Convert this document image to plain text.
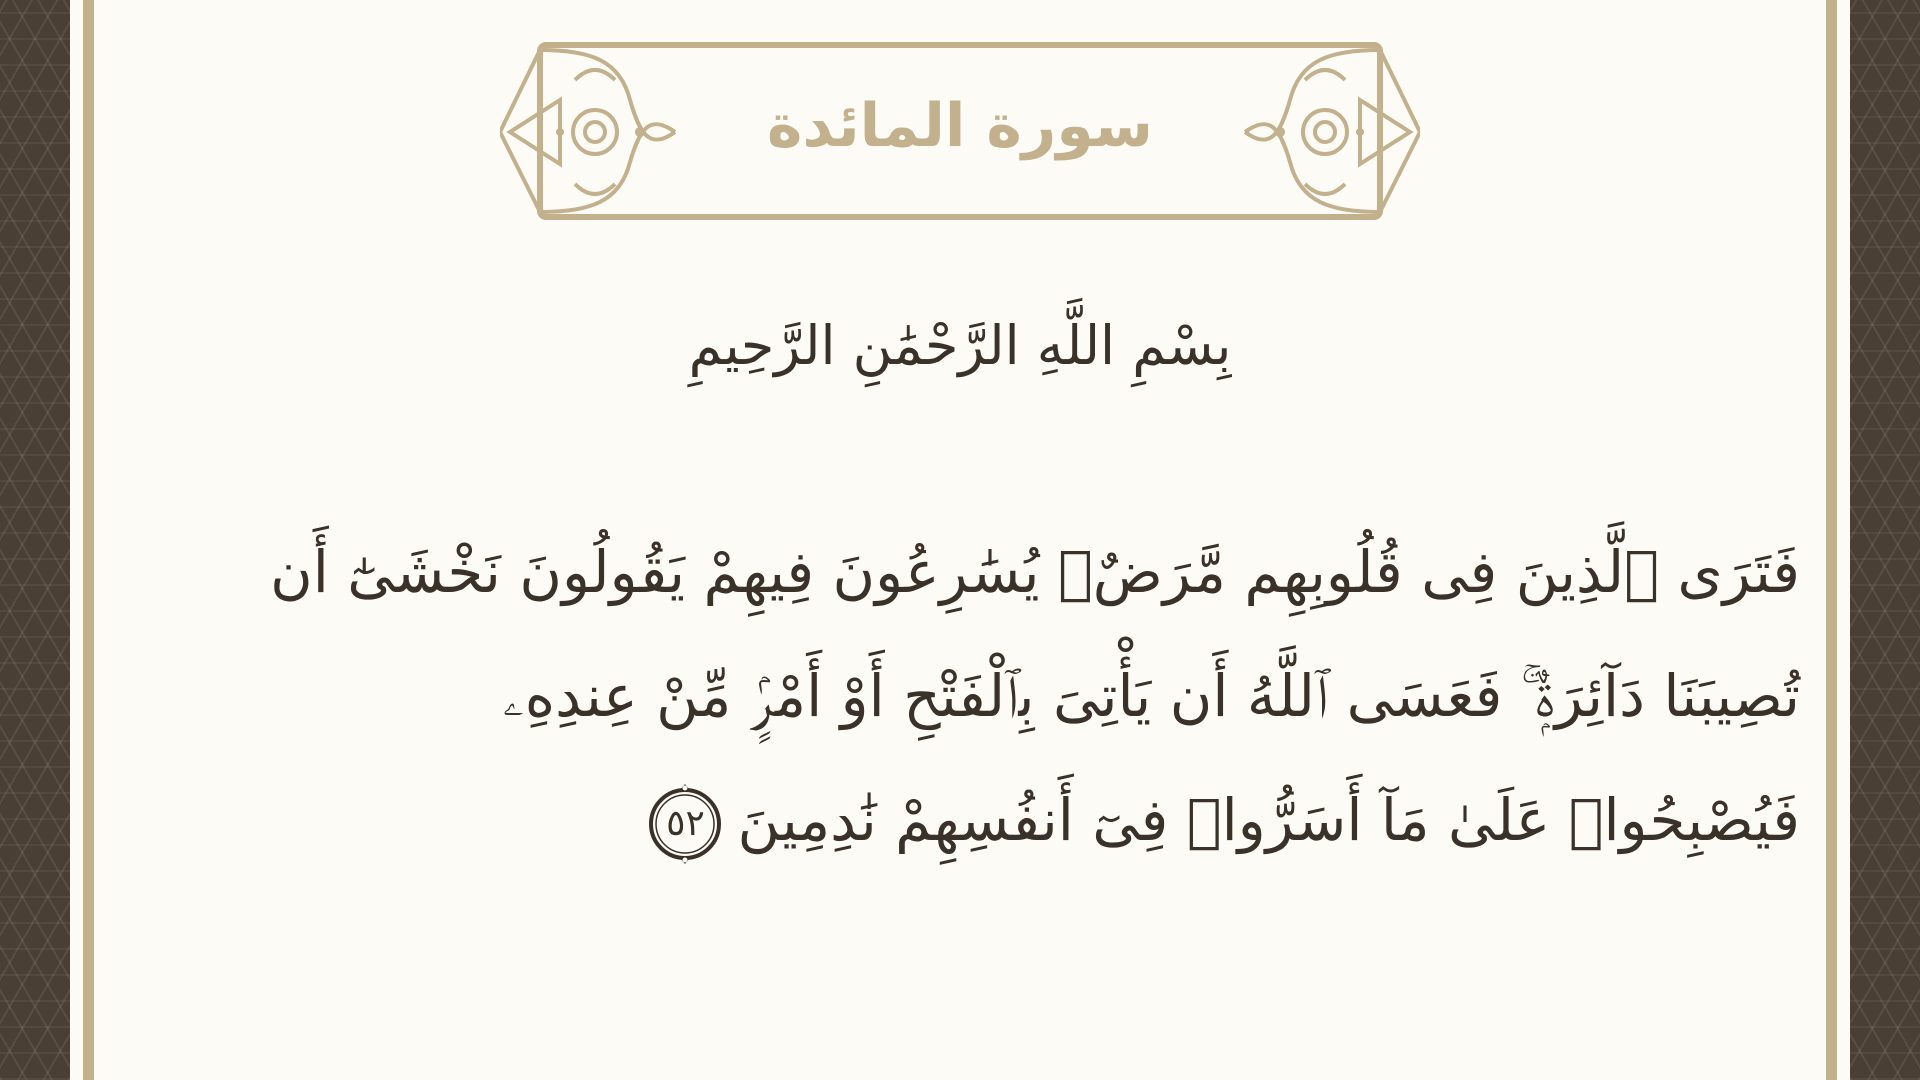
سورة المائدة
بِسْمِ اللَّهِ الرَّحْمَٰنِ الرَّحِيمِ
فَتَرَى ٱلَّذِينَ فِى قُلُوبِهِم مَّرَضٌۭ يُسَٰرِعُونَ فِيهِمْ يَقُولُونَ نَخْشَىٰٓ أَن
تُصِيبَنَا دَآئِرَةٌۭ ۚ فَعَسَى ٱللَّهُ أَن يَأْتِىَ بِٱلْفَتْحِ أَوْ أَمْرٍۢ مِّنْ عِندِهِۦ
فَيُصْبِحُوا۟ عَلَىٰ مَآ أَسَرُّوا۟ فِىٓ أَنفُسِهِمْ نَٰدِمِينَ
٥٢
